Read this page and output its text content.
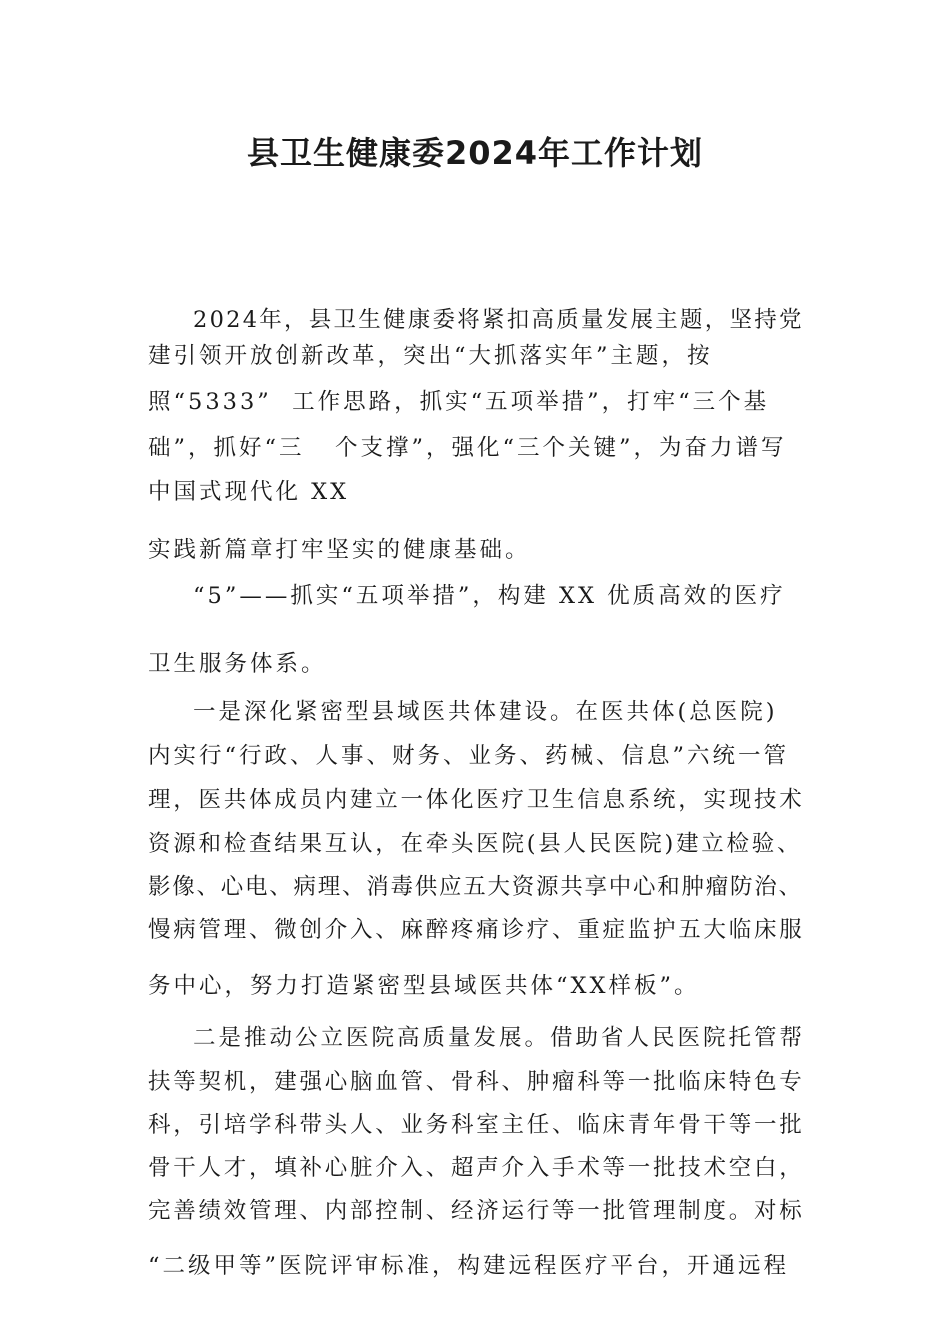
县卫生健康委2024年工作计划

2024年，县卫生健康委将紧扣高质量发展主题，坚持党

建引领开放创新改革，突出“大抓落实年”主题，按

照“5333”  工作思路，抓实“五项举措”，打牢“三个基

础”，抓好“三   个支撑”，强化“三个关键”，为奋力谱写

中国式现代化 XX

实践新篇章打牢坚实的健康基础。

“5”——抓实“五项举措”，构建 XX 优质高效的医疗

卫生服务体系。

一是深化紧密型县域医共体建设。在医共体(总医院)

内实行“行政、人事、财务、业务、药械、信息”六统一管

理，医共体成员内建立一体化医疗卫生信息系统，实现技术

资源和检查结果互认，在牵头医院(县人民医院)建立检验、

影像、心电、病理、消毒供应五大资源共享中心和肿瘤防治、

慢病管理、微创介入、麻醉疼痛诊疗、重症监护五大临床服

务中心，努力打造紧密型县域医共体“XX样板”。

二是推动公立医院高质量发展。借助省人民医院托管帮

扶等契机，建强心脑血管、骨科、肿瘤科等一批临床特色专

科，引培学科带头人、业务科室主任、临床青年骨干等一批

骨干人才，填补心脏介入、超声介入手术等一批技术空白，

完善绩效管理、内部控制、经济运行等一批管理制度。对标

“二级甲等”医院评审标准，构建远程医疗平台，开通远程
